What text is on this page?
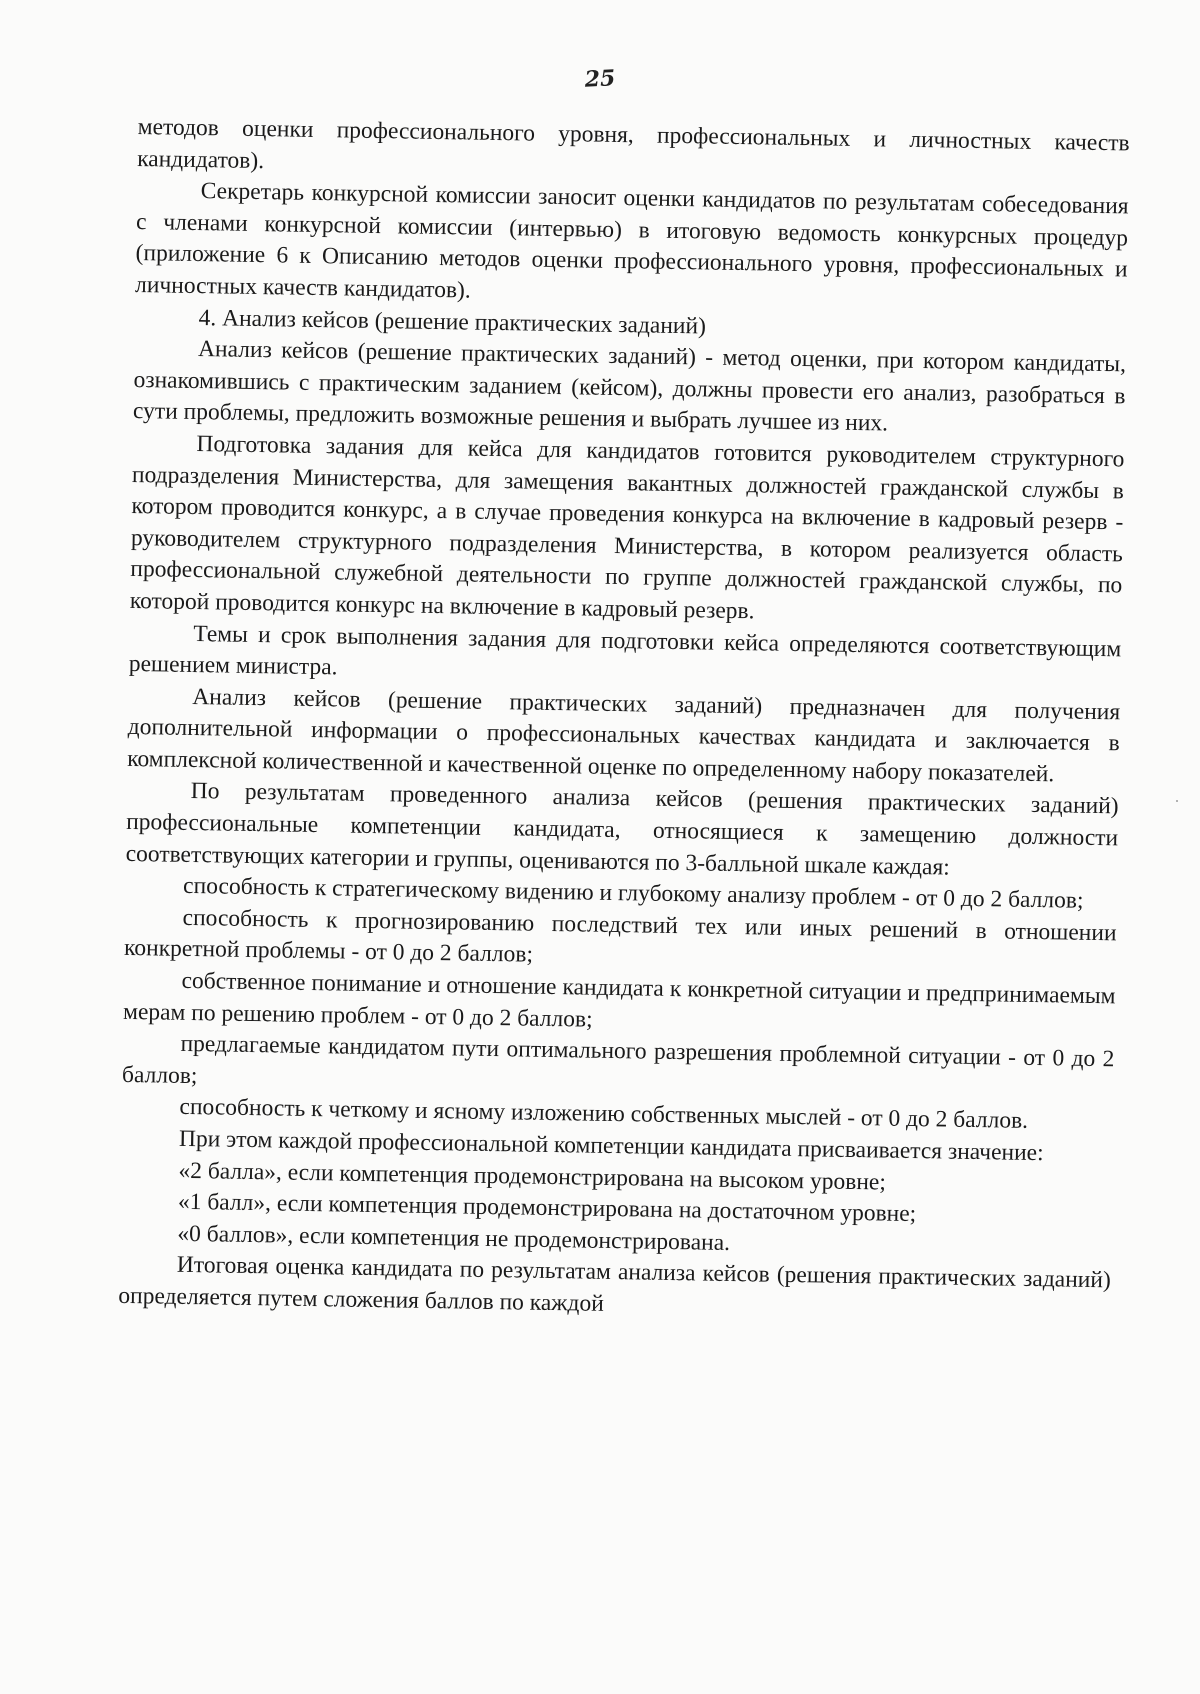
25

методов оценки профессионального уровня, профессиональных и личностных качеств кандидатов).

Секретарь конкурсной комиссии заносит оценки кандидатов по результатам собеседования с членами конкурсной комиссии (интервью) в итоговую ведомость конкурсных процедур (приложение 6 к Описанию методов оценки профессионального уровня, профессиональных и личностных качеств кандидатов).

4. Анализ кейсов (решение практических заданий)

Анализ кейсов (решение практических заданий) - метод оценки, при котором кандидаты, ознакомившись с практическим заданием (кейсом), должны провести его анализ, разобраться в сути проблемы, предложить возможные решения и выбрать лучшее из них.

Подготовка задания для кейса для кандидатов готовится руководителем структурного подразделения Министерства, для замещения вакантных должностей гражданской службы в котором проводится конкурс, а в случае проведения конкурса на включение в кадровый резерв - руководителем структурного подразделения Министерства, в котором реализуется область профессиональной служебной деятельности по группе должностей гражданской службы, по которой проводится конкурс на включение в кадровый резерв.

Темы и срок выполнения задания для подготовки кейса определяются соответствующим решением министра.

Анализ кейсов (решение практических заданий) предназначен для получения дополнительной информации о профессиональных качествах кандидата и заключается в комплексной количественной и качественной оценке по определенному набору показателей.

По результатам проведенного анализа кейсов (решения практических заданий) профессиональные компетенции кандидата, относящиеся к замещению должности соответствующих категории и группы, оцениваются по 3-балльной шкале каждая:

способность к стратегическому видению и глубокому анализу проблем - от 0 до 2 баллов;

способность к прогнозированию последствий тех или иных решений в отношении конкретной проблемы - от 0 до 2 баллов;

собственное понимание и отношение кандидата к конкретной ситуации и предпринимаемым мерам по решению проблем - от 0 до 2 баллов;

предлагаемые кандидатом пути оптимального разрешения проблемной ситуации - от 0 до 2 баллов;

способность к четкому и ясному изложению собственных мыслей - от 0 до 2 баллов.

При этом каждой профессиональной компетенции кандидата присваивается значение:

«2 балла», если компетенция продемонстрирована на высоком уровне;

«1 балл», если компетенция продемонстрирована на достаточном уровне;

«0 баллов», если компетенция не продемонстрирована.

Итоговая оценка кандидата по результатам анализа кейсов (решения практических заданий) определяется путем сложения баллов по каждой
